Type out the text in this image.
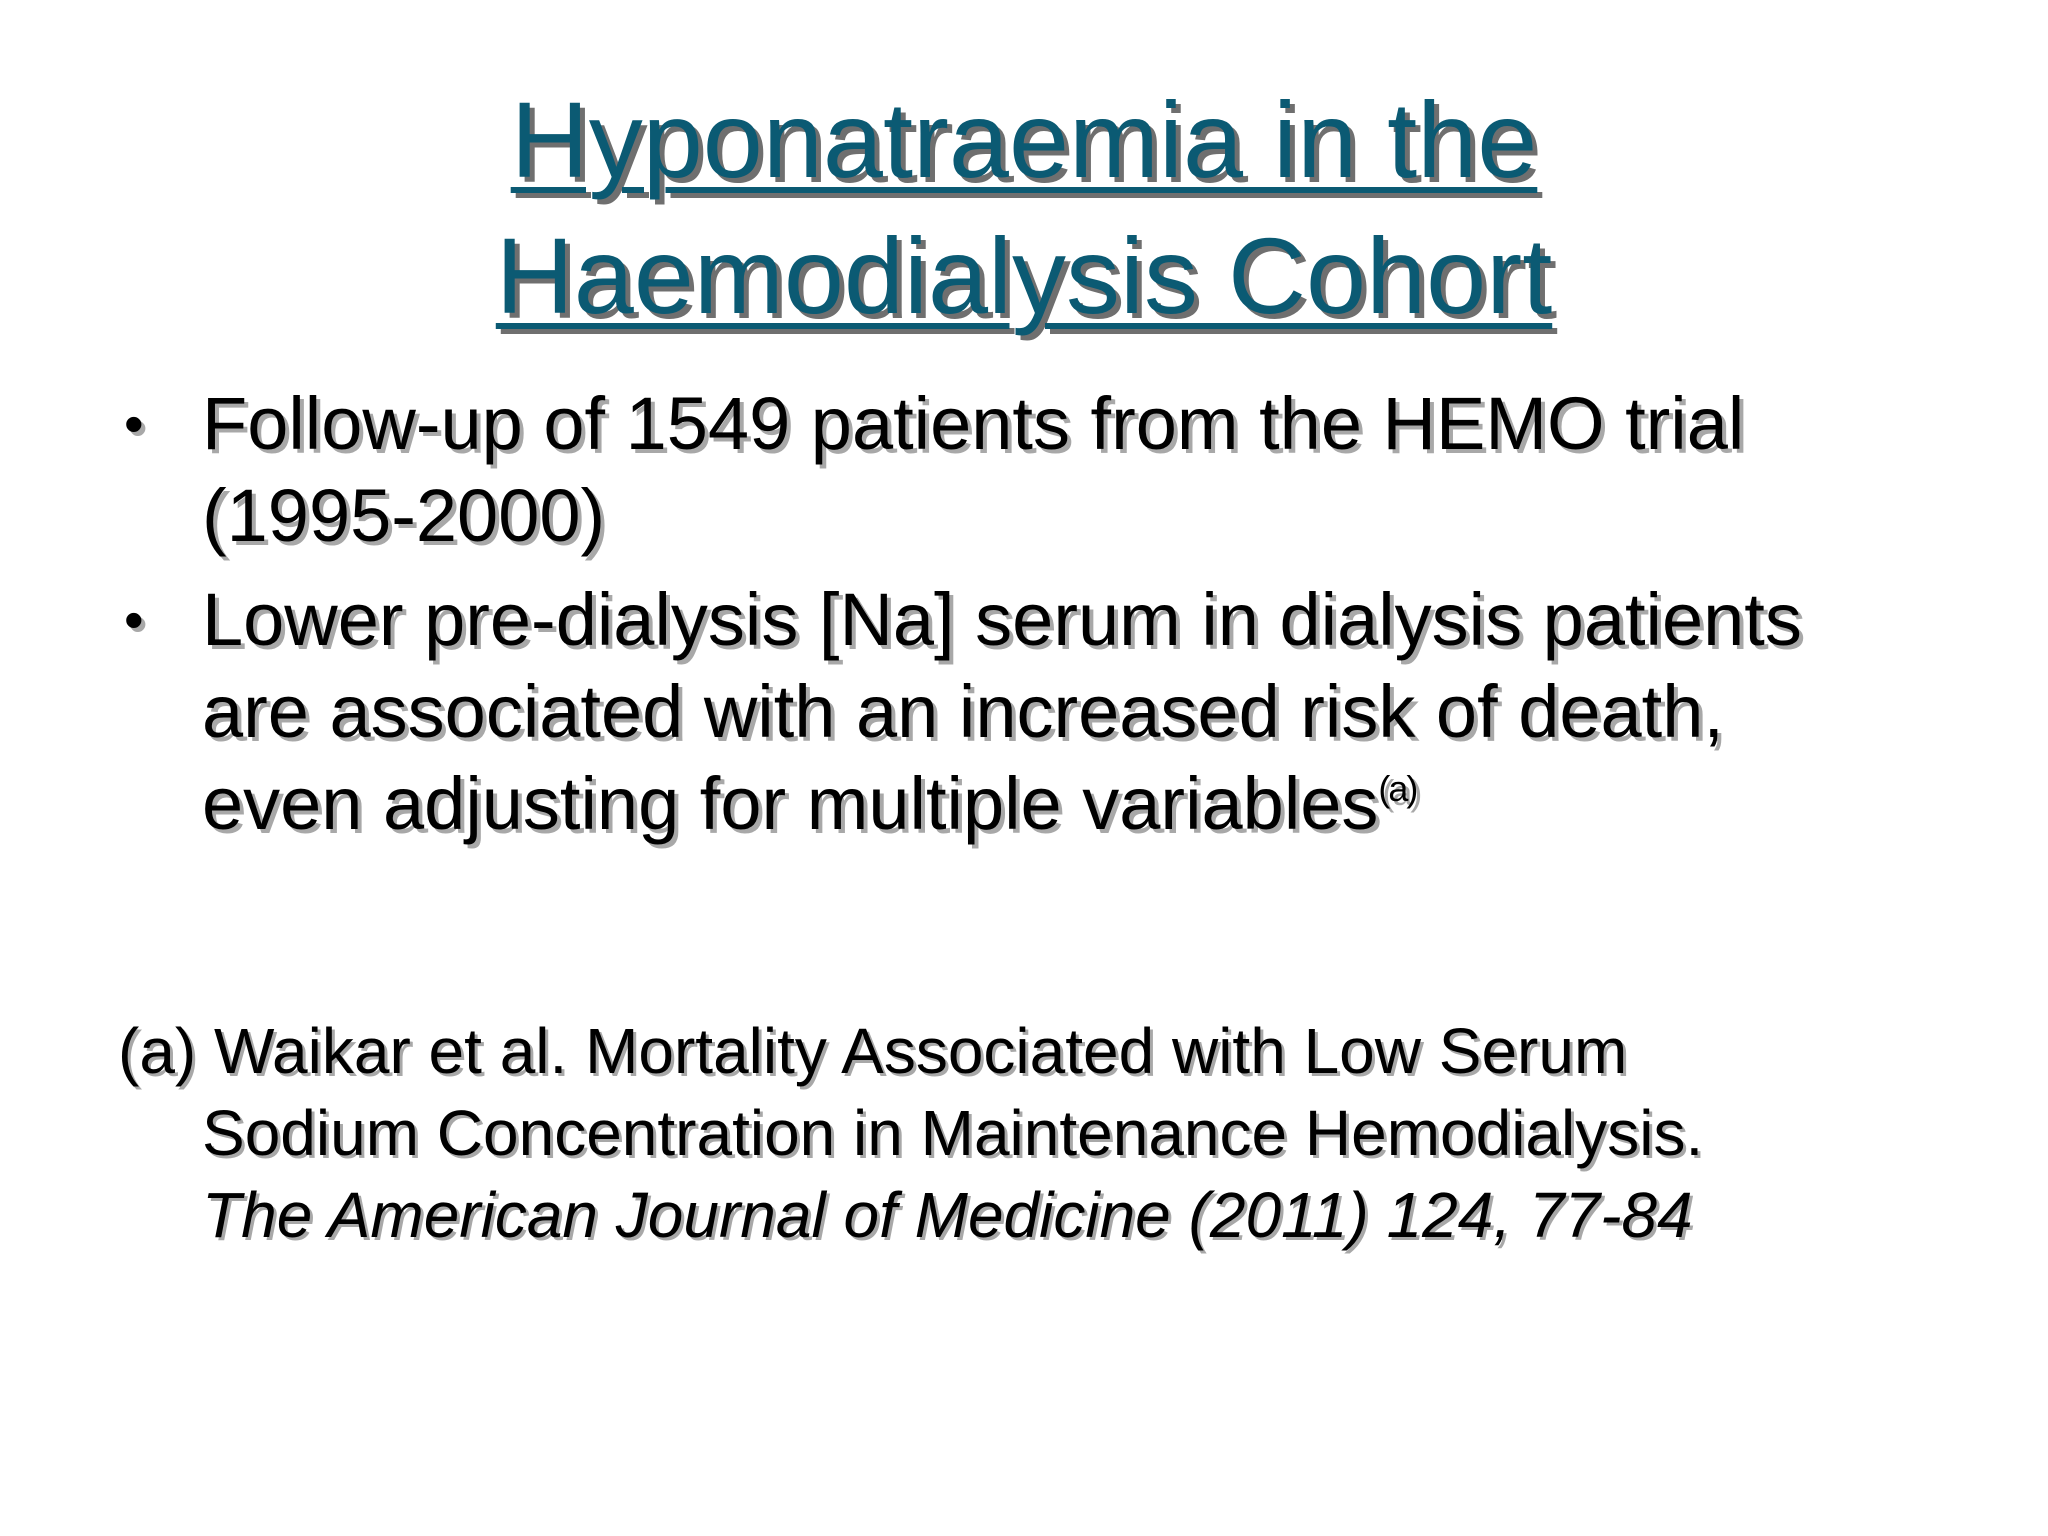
Hyponatraemia in the
Haemodialysis Cohort
• Follow-up of 1549 patients from the HEMO trial
(1995-2000)
• Lower pre-dialysis [Na] serum in dialysis patients
are associated with an increased risk of death,
even adjusting for multiple variables$^{(a)}$
(a) Waikar et al. Mortality Associated with Low Serum
Sodium Concentration in Maintenance Hemodialysis.
The American Journal of Medicine (2011) 124, 77-84
